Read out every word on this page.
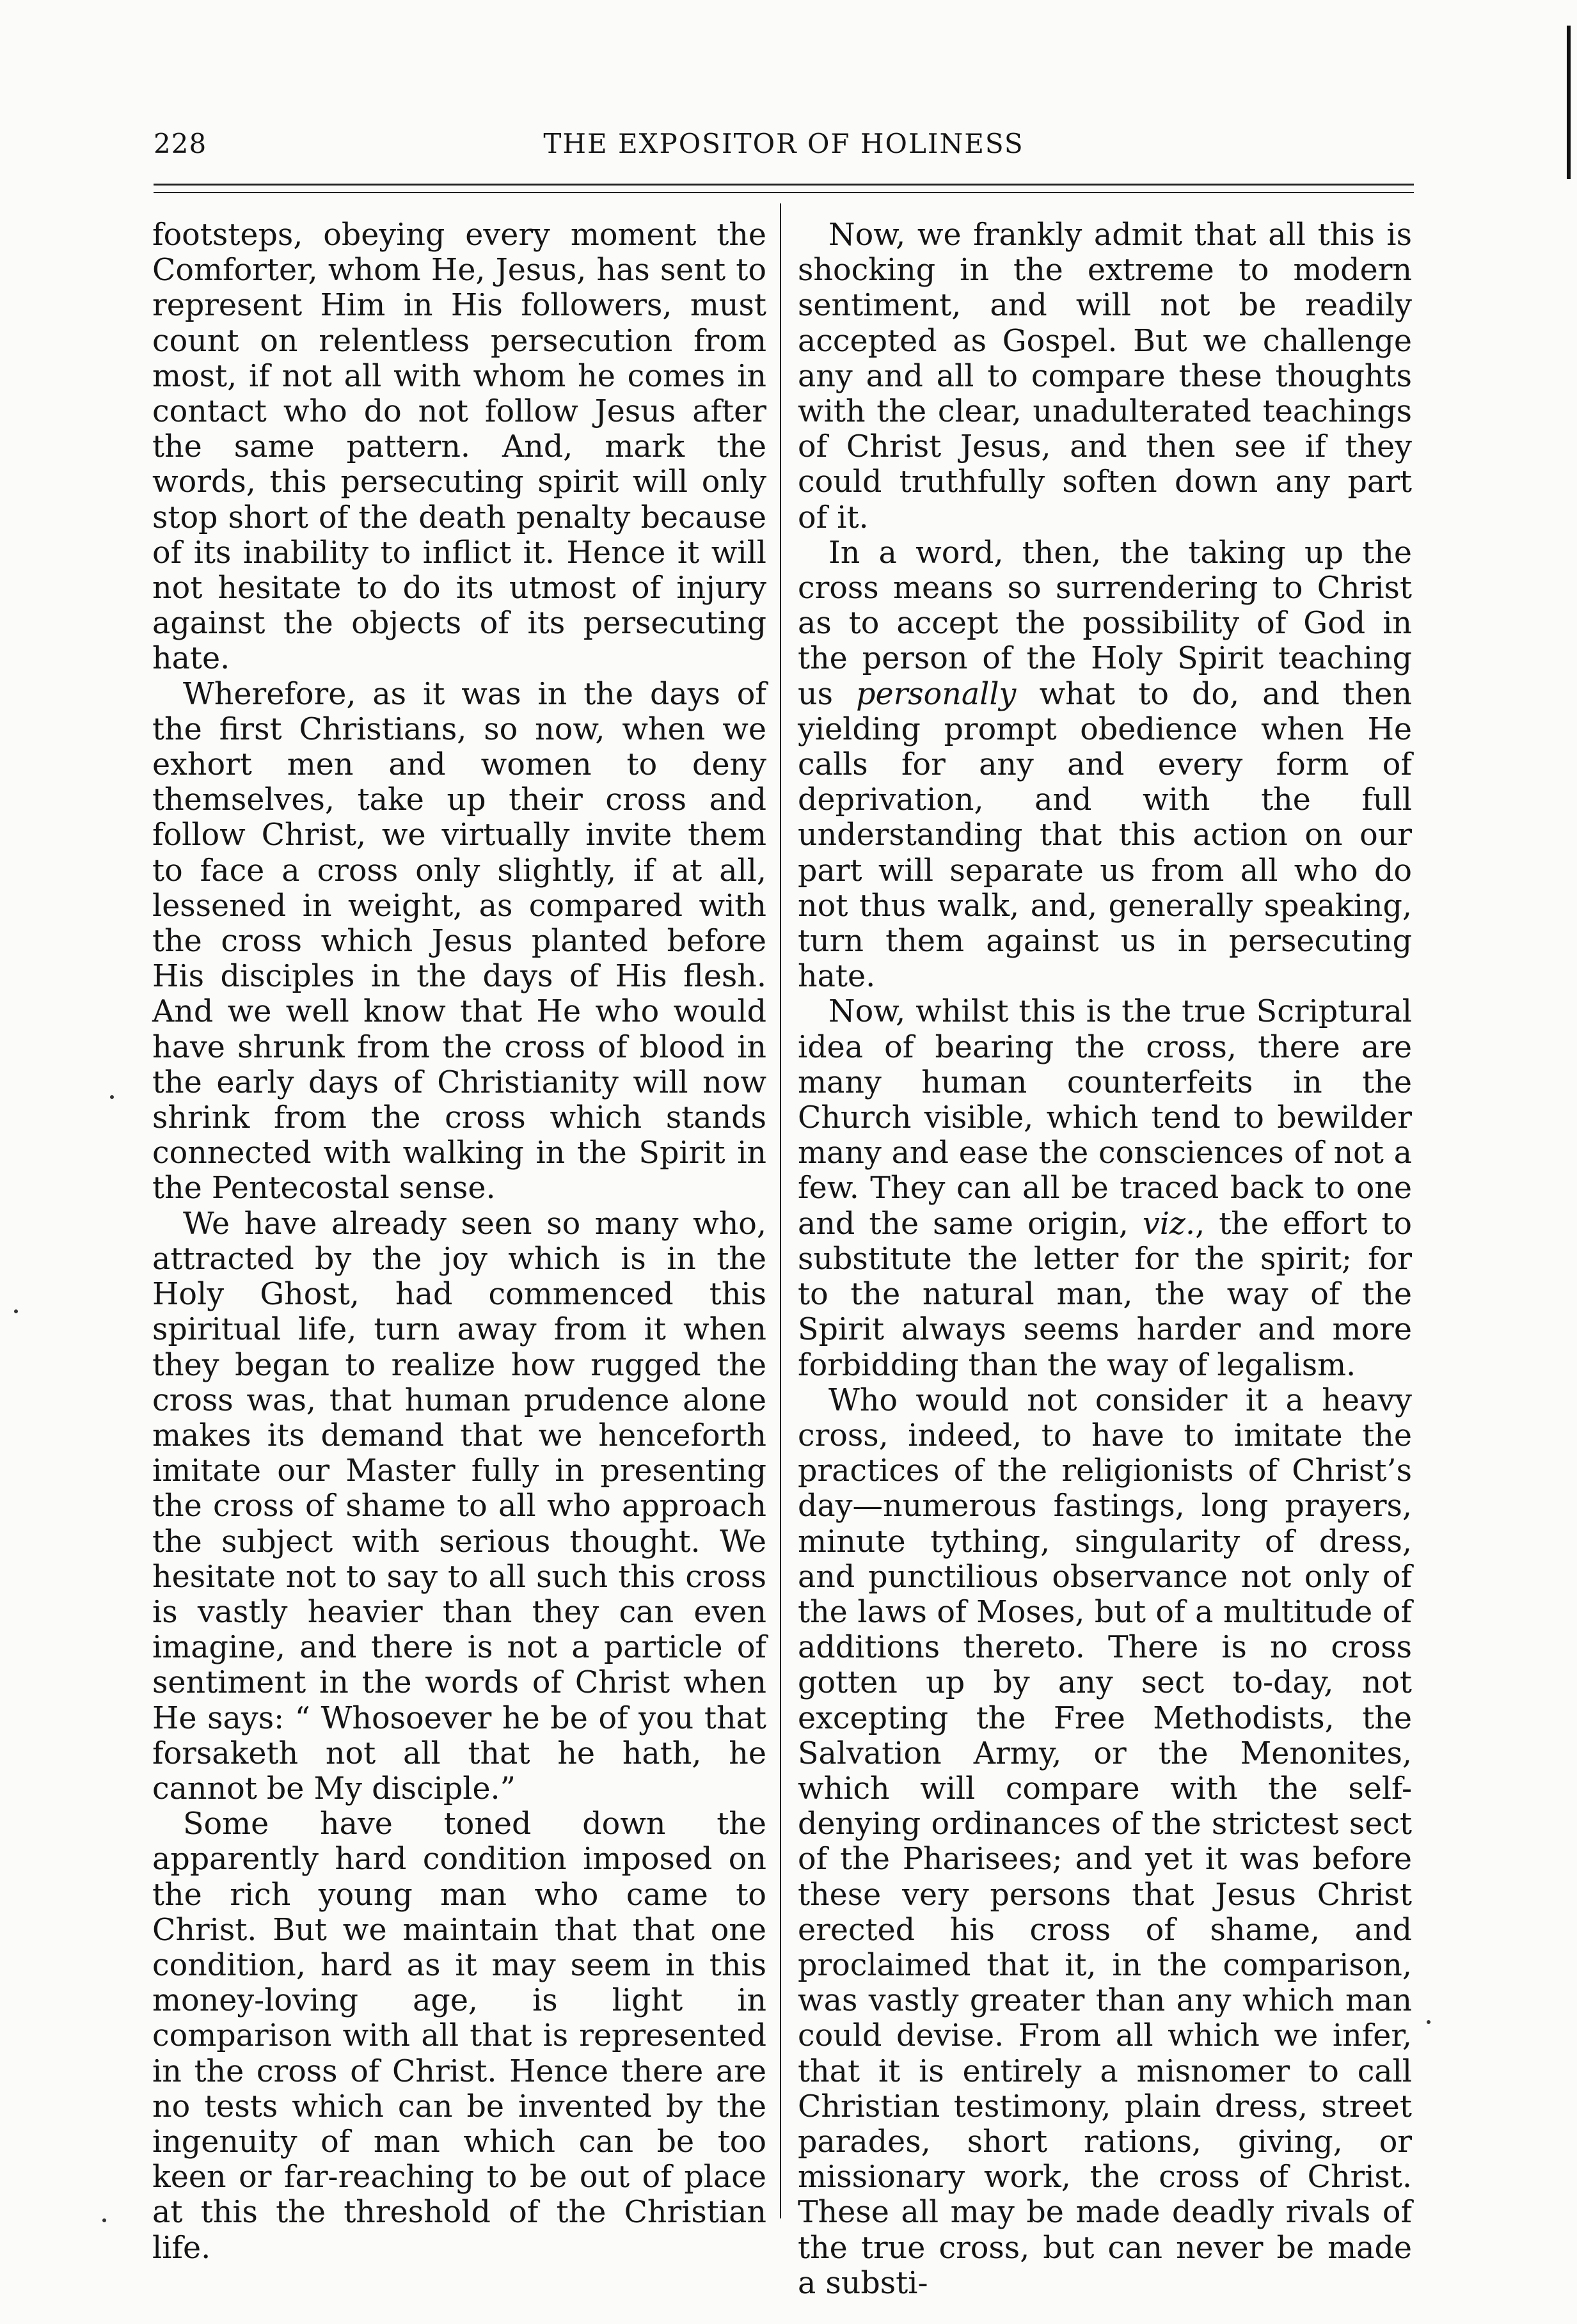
228	THE EXPOSITOR OF HOLINESS

footsteps, obeying every moment the Comforter, whom He, Jesus, has sent to represent Him in His followers, must count on relentless persecution from most, if not all with whom he comes in contact who do not follow Jesus after the same pattern. And, mark the words, this persecuting spirit will only stop short of the death penalty because of its inability to inflict it. Hence it will not hesitate to do its utmost of injury against the objects of its persecuting hate.

Wherefore, as it was in the days of the first Christians, so now, when we exhort men and women to deny themselves, take up their cross and follow Christ, we virtually invite them to face a cross only slightly, if at all, lessened in weight, as compared with the cross which Jesus planted before His disciples in the days of His flesh. And we well know that He who would have shrunk from the cross of blood in the early days of Christianity will now shrink from the cross which stands connected with walking in the Spirit in the Pentecostal sense.

We have already seen so many who, attracted by the joy which is in the Holy Ghost, had commenced this spiritual life, turn away from it when they began to realize how rugged the cross was, that human prudence alone makes its demand that we henceforth imitate our Master fully in presenting the cross of shame to all who approach the subject with serious thought. We hesitate not to say to all such this cross is vastly heavier than they can even imagine, and there is not a particle of sentiment in the words of Christ when He says: “ Whosoever he be of you that forsaketh not all that he hath, he cannot be My disciple.”

Some have toned down the apparently hard condition imposed on the rich young man who came to Christ. But we maintain that that one condition, hard as it may seem in this money-loving age, is light in comparison with all that is represented in the cross of Christ. Hence there are no tests which can be invented by the ingenuity of man which can be too keen or far-reaching to be out of place at this the threshold of the Christian life.

Now, we frankly admit that all this is shocking in the extreme to modern sentiment, and will not be readily accepted as Gospel. But we challenge any and all to compare these thoughts with the clear, unadulterated teachings of Christ Jesus, and then see if they could truthfully soften down any part of it.

In a word, then, the taking up the cross means so surrendering to Christ as to accept the possibility of God in the person of the Holy Spirit teaching us personally what to do, and then yielding prompt obedience when He calls for any and every form of deprivation, and with the full understanding that this action on our part will separate us from all who do not thus walk, and, generally speaking, turn them against us in persecuting hate.

Now, whilst this is the true Scriptural idea of bearing the cross, there are many human counterfeits in the Church visible, which tend to bewilder many and ease the consciences of not a few. They can all be traced back to one and the same origin, viz., the effort to substitute the letter for the spirit; for to the natural man, the way of the Spirit always seems harder and more forbidding than the way of legalism.

Who would not consider it a heavy cross, indeed, to have to imitate the practices of the religionists of Christ’s day—numerous fastings, long prayers, minute tything, singularity of dress, and punctilious observance not only of the laws of Moses, but of a multitude of additions thereto. There is no cross gotten up by any sect to-day, not excepting the Free Methodists, the Salvation Army, or the Menonites, which will compare with the self-denying ordinances of the strictest sect of the Pharisees; and yet it was before these very persons that Jesus Christ erected his cross of shame, and proclaimed that it, in the comparison, was vastly greater than any which man could devise. From all which we infer, that it is entirely a misnomer to call Christian testimony, plain dress, street parades, short rations, giving, or missionary work, the cross of Christ. These all may be made deadly rivals of the true cross, but can never be made a substi-
